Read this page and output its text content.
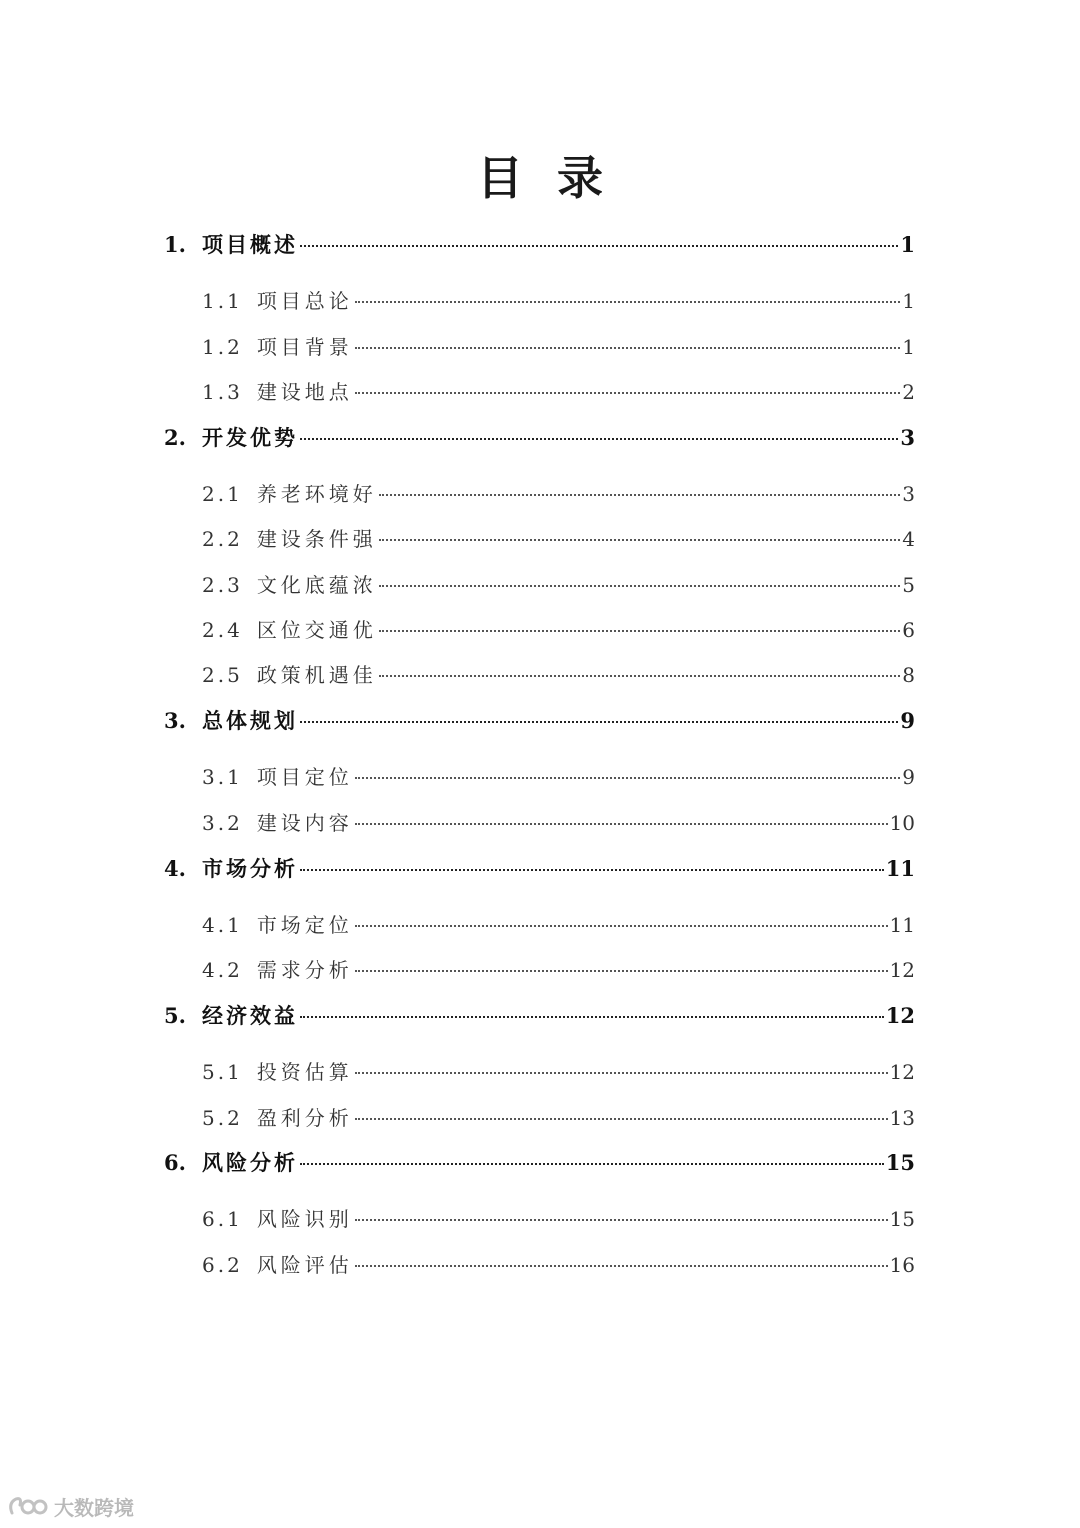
目 录
1. 项目概述	1
1.1 项目总论	1
1.2 项目背景	1
1.3 建设地点	2
2. 开发优势	3
2.1 养老环境好	3
2.2 建设条件强	4
2.3 文化底蕴浓	5
2.4 区位交通优	6
2.5 政策机遇佳	8
3. 总体规划	9
3.1 项目定位	9
3.2 建设内容	10
4. 市场分析	11
4.1 市场定位	11
4.2 需求分析	12
5. 经济效益	12
5.1 投资估算	12
5.2 盈利分析	13
6. 风险分析	15
6.1 风险识别	15
6.2 风险评估	16
大数跨境
